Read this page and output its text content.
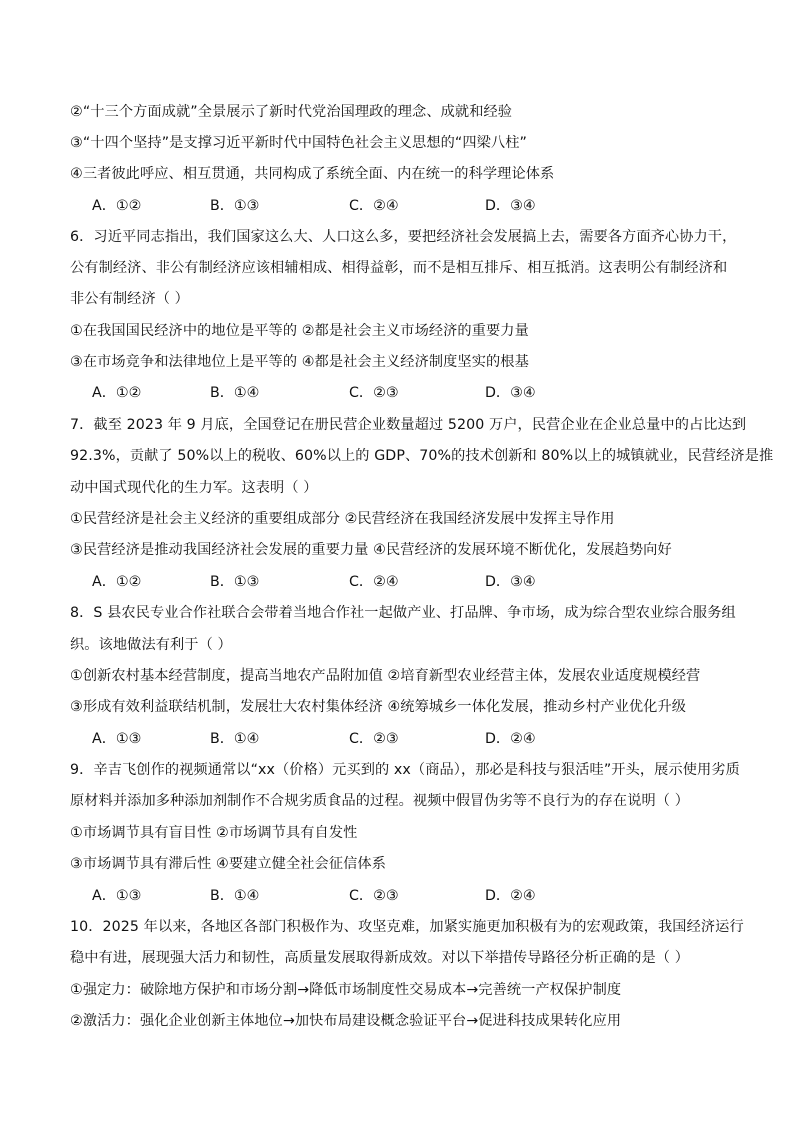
②“十三个方面成就”全景展示了新时代党治国理政的理念、成就和经验
③“十四个坚持”是支撑习近平新时代中国特色社会主义思想的“四梁八柱”
④三者彼此呼应、相互贯通，共同构成了系统全面、内在统一的科学理论体系
A．①②	B．①③	C．②④	D．③④
6．习近平同志指出，我们国家这么大、人口这么多，要把经济社会发展搞上去，需要各方面齐心协力干，
公有制经济、非公有制经济应该相辅相成、相得益彰，而不是相互排斥、相互抵消。这表明公有制经济和
非公有制经济（ ）
①在我国国民经济中的地位是平等的 ②都是社会主义市场经济的重要力量
③在市场竞争和法律地位上是平等的 ④都是社会主义经济制度坚实的根基
A．①②	B．①④	C．②③	D．③④
7．截至 2023 年 9 月底，全国登记在册民营企业数量超过 5200 万户，民营企业在企业总量中的占比达到
92.3%，贡献了 50%以上的税收、60%以上的 GDP、70%的技术创新和 80%以上的城镇就业，民营经济是推
动中国式现代化的生力军。这表明（ ）
①民营经济是社会主义经济的重要组成部分 ②民营经济在我国经济发展中发挥主导作用
③民营经济是推动我国经济社会发展的重要力量 ④民营经济的发展环境不断优化，发展趋势向好
A．①②	B．①③	C．②④	D．③④
8．S 县农民专业合作社联合会带着当地合作社一起做产业、打品牌、争市场，成为综合型农业综合服务组
织。该地做法有利于（ ）
①创新农村基本经营制度，提高当地农产品附加值 ②培育新型农业经营主体，发展农业适度规模经营
③形成有效利益联结机制，发展壮大农村集体经济 ④统筹城乡一体化发展，推动乡村产业优化升级
A．①③	B．①④	C．②③	D．②④
9．辛吉飞创作的视频通常以“xx（价格）元买到的 xx（商品），那必是科技与狠活哇”开头，展示使用劣质
原材料并添加多种添加剂制作不合规劣质食品的过程。视频中假冒伪劣等不良行为的存在说明（ ）
①市场调节具有盲目性 ②市场调节具有自发性
③市场调节具有滞后性 ④要建立健全社会征信体系
A．①③	B．①④	C．②③	D．②④
10．2025 年以来，各地区各部门积极作为、攻坚克难，加紧实施更加积极有为的宏观政策，我国经济运行
稳中有进，展现强大活力和韧性，高质量发展取得新成效。对以下举措传导路径分析正确的是（ ）
①强定力：破除地方保护和市场分割→降低市场制度性交易成本→完善统一产权保护制度
②激活力：强化企业创新主体地位→加快布局建设概念验证平台→促进科技成果转化应用
